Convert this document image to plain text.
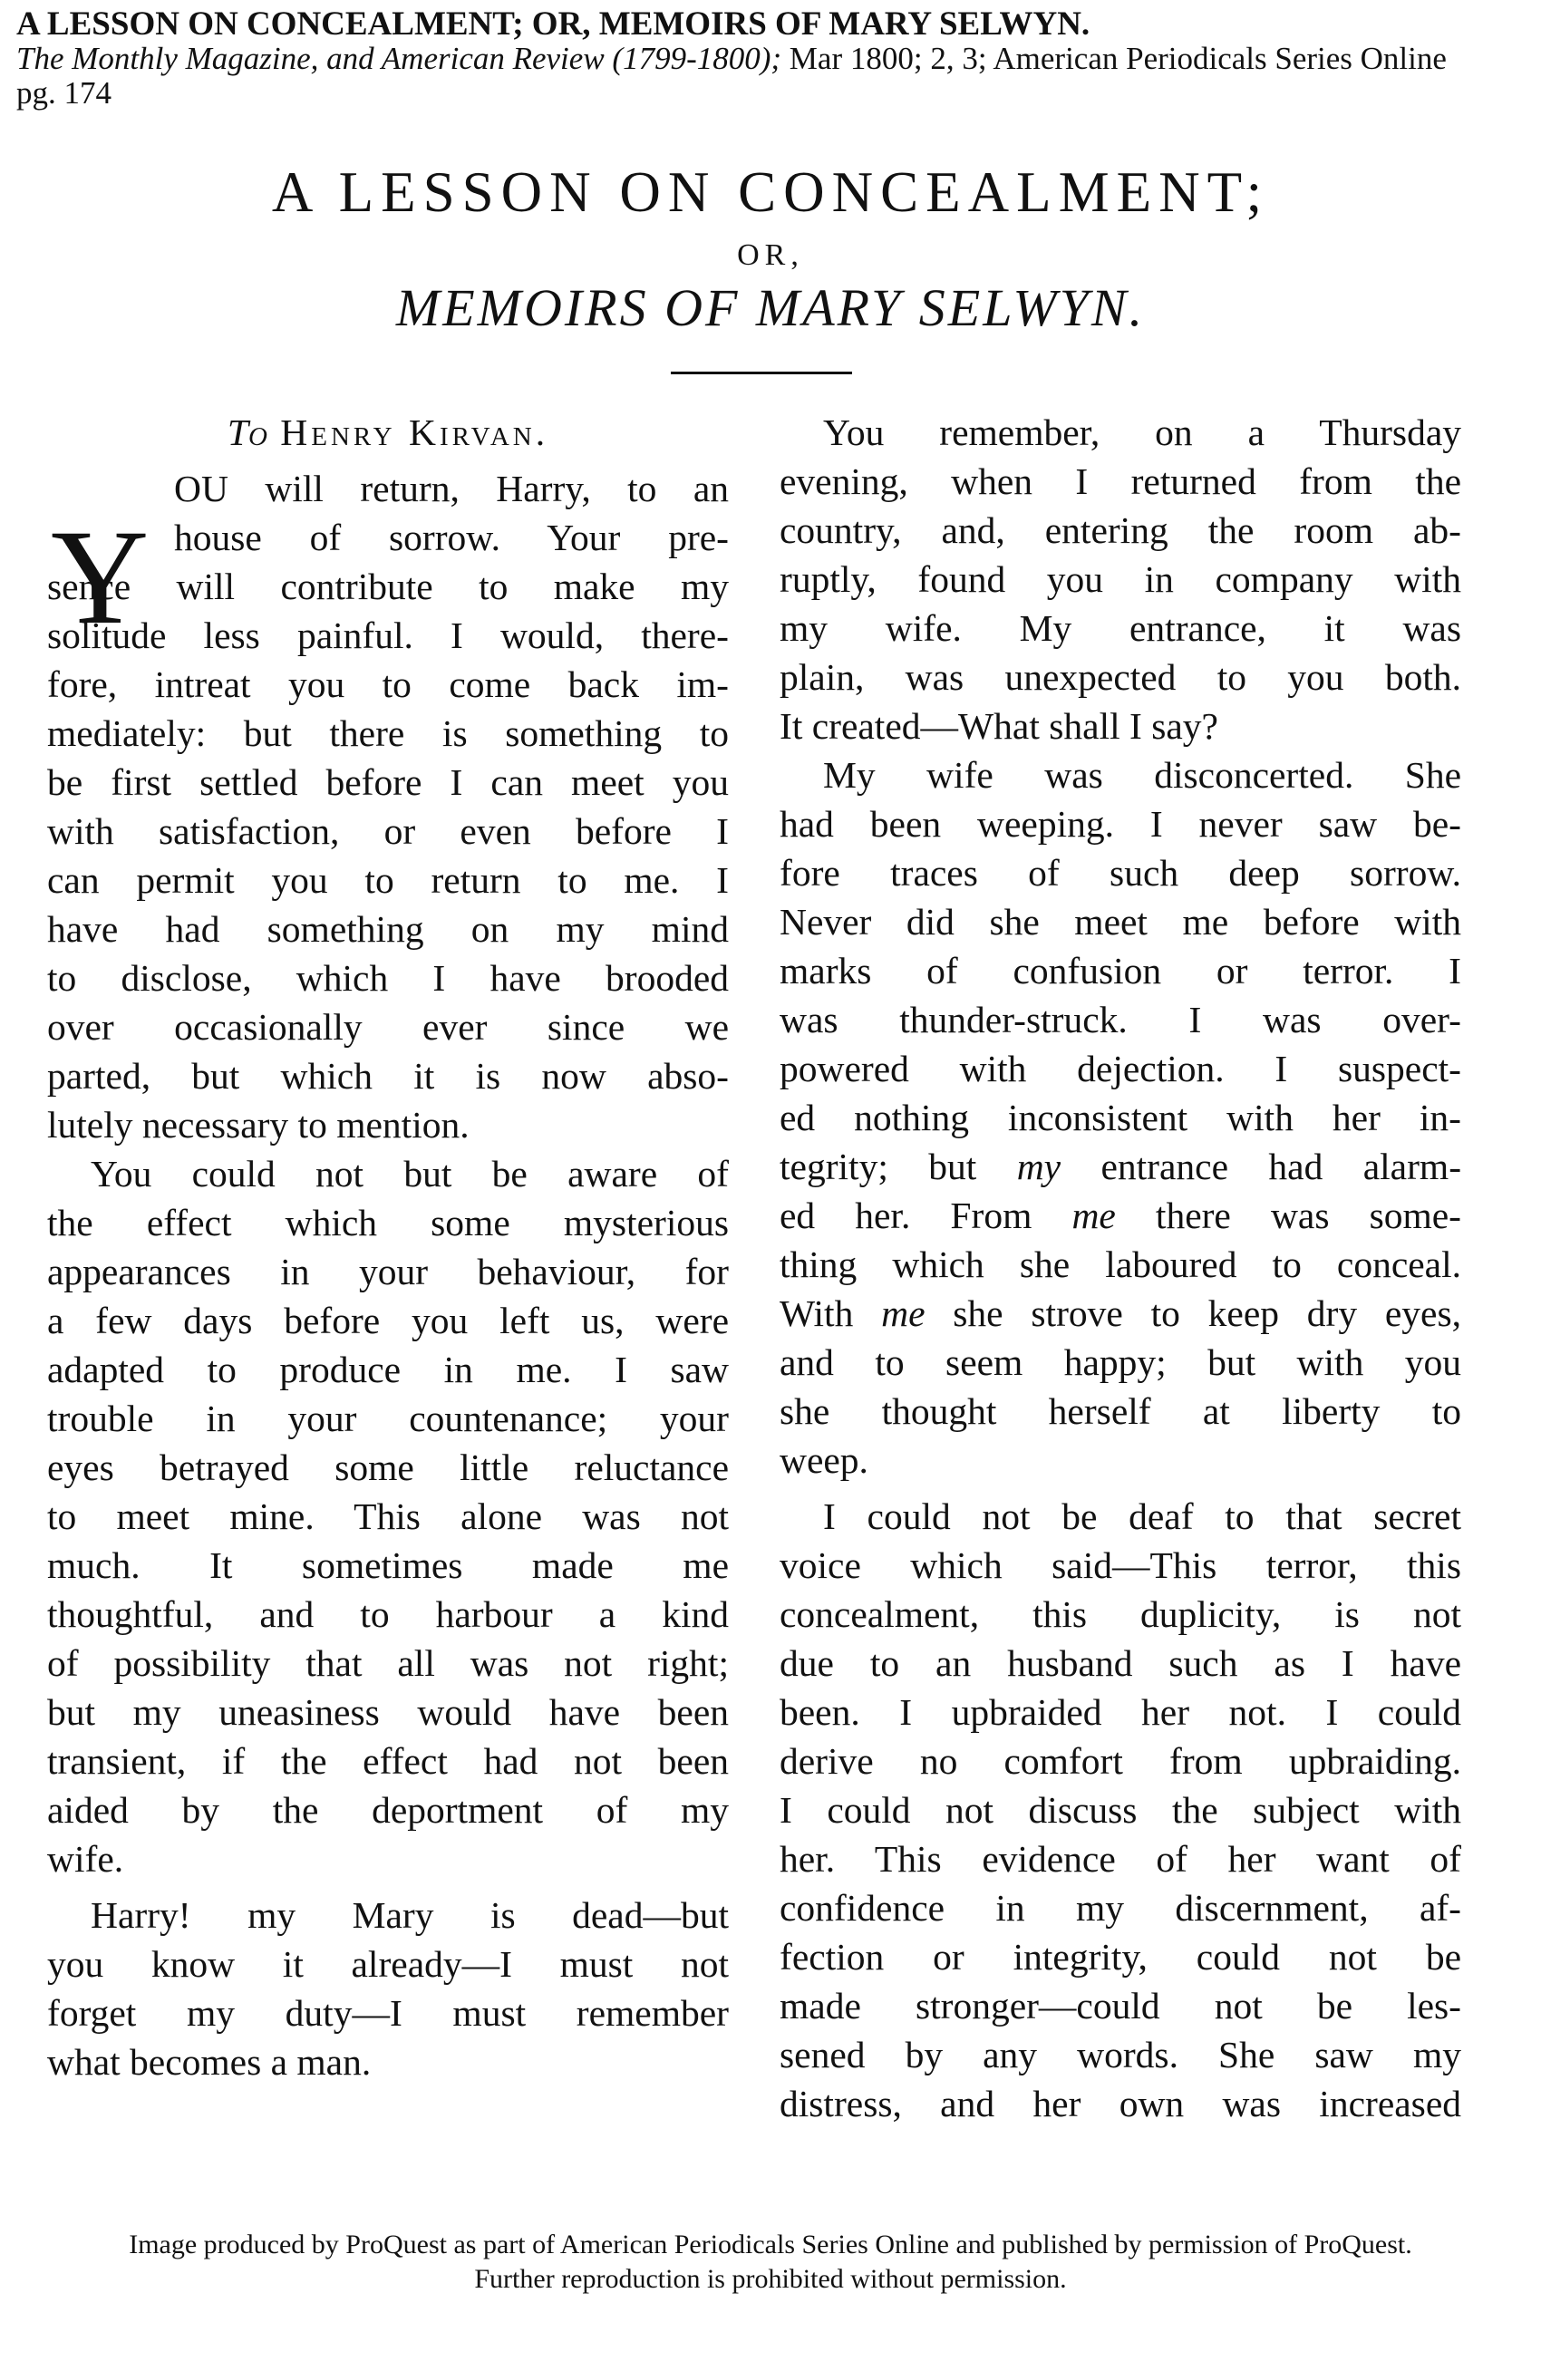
A LESSON ON CONCEALMENT; OR, MEMOIRS OF MARY SELWYN.
The Monthly Magazine, and American Review (1799-1800); Mar 1800; 2, 3; American Periodicals Series Online
pg. 174
A LESSON ON CONCEALMENT;
OR,
MEMOIRS OF MARY SELWYN.
To Henry Kirvan.
Y
OU will return, Harry, to an
house of sorrow. Your pre-
sence will contribute to make my
solitude less painful. I would, there-
fore, intreat you to come back im-
mediately: but there is something to
be first settled before I can meet you
with satisfaction, or even before I
can permit you to return to me. I
have had something on my mind
to disclose, which I have brooded
over occasionally ever since we
parted, but which it is now abso-
lutely necessary to mention.
You could not but be aware of
the effect which some mysterious
appearances in your behaviour, for
a few days before you left us, were
adapted to produce in me. I saw
trouble in your countenance; your
eyes betrayed some little reluctance
to meet mine. This alone was not
much. It sometimes made me
thoughtful, and to harbour a kind
of possibility that all was not right;
but my uneasiness would have been
transient, if the effect had not been
aided by the deportment of my
wife.
Harry! my Mary is dead—but
you know it already—I must not
forget my duty—I must remember
what becomes a man.
You remember, on a Thursday
evening, when I returned from the
country, and, entering the room ab-
ruptly, found you in company with
my wife. My entrance, it was
plain, was unexpected to you both.
It created—What shall I say?
My wife was disconcerted. She
had been weeping. I never saw be-
fore traces of such deep sorrow.
Never did she meet me before with
marks of confusion or terror. I
was thunder-struck. I was over-
powered with dejection. I suspect-
ed nothing inconsistent with her in-
tegrity; but my entrance had alarm-
ed her. From me there was some-
thing which she laboured to conceal.
With me she strove to keep dry eyes,
and to seem happy; but with you
she thought herself at liberty to
weep.
I could not be deaf to that secret
voice which said—This terror, this
concealment, this duplicity, is not
due to an husband such as I have
been. I upbraided her not. I could
derive no comfort from upbraiding.
I could not discuss the subject with
her. This evidence of her want of
confidence in my discernment, af-
fection or integrity, could not be
made stronger—could not be les-
sened by any words. She saw my
distress, and her own was increased
Image produced by ProQuest as part of American Periodicals Series Online and published by permission of ProQuest.
Further reproduction is prohibited without permission.
